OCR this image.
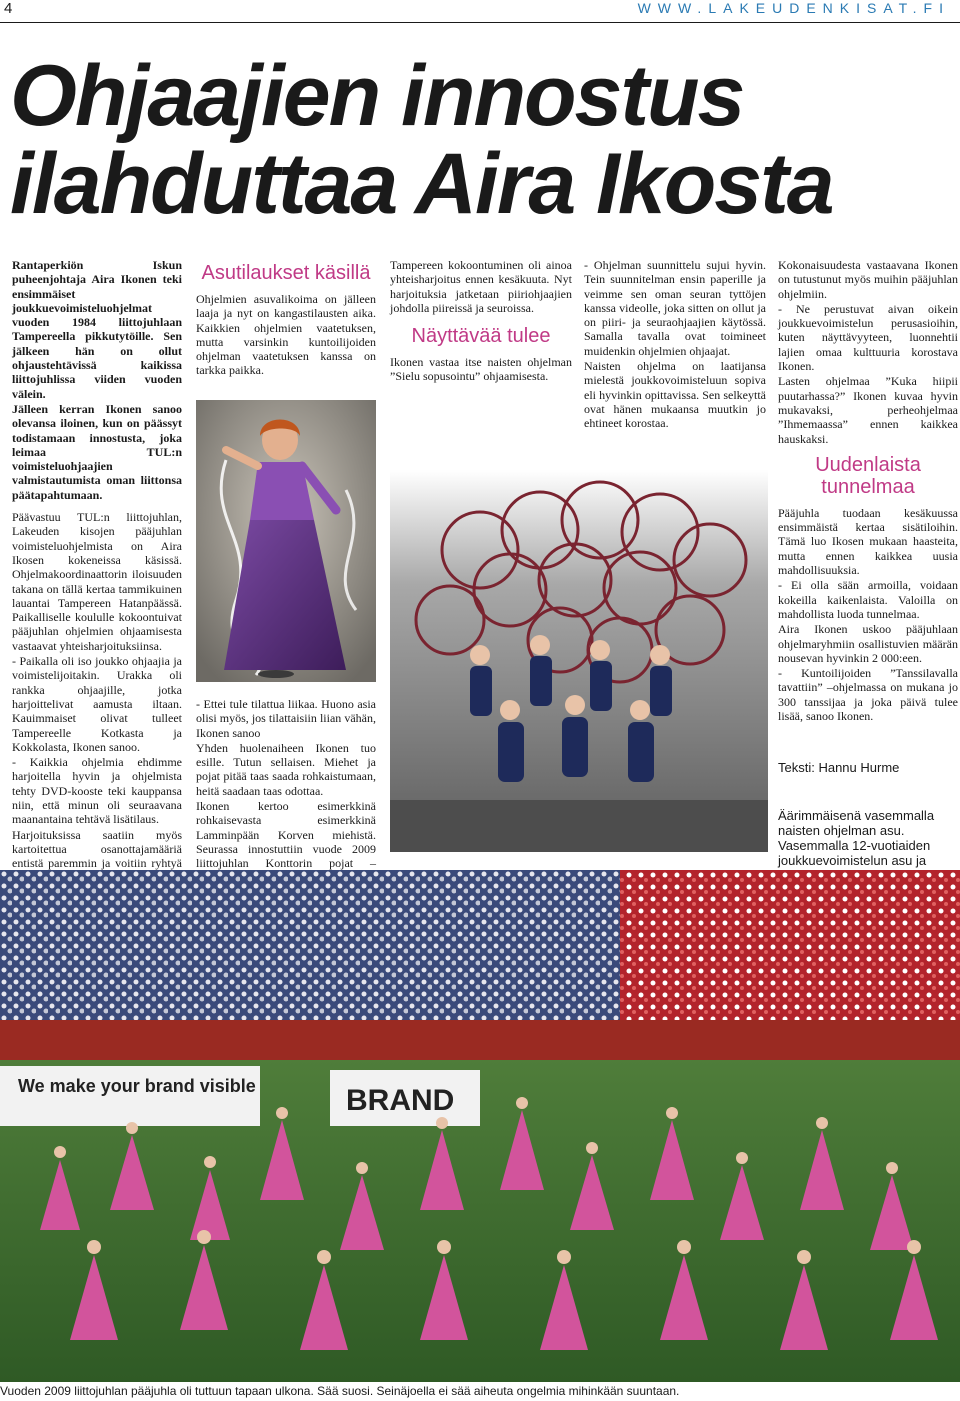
4	WWW.LAKEUDENKISAT.FI
Ohjaajien innostus ilahduttaa Aira Ikosta

Rantaperkiön Iskun puheenjohtaja Aira Ikonen teki ensimmäiset joukkuevoimisteluohjelmat vuoden 1984 liittojuhlaan Tampereella pikkutytöille. Sen jälkeen hän on ollut ohjaustehtävissä kaikissa liittojuhlissa viiden vuoden välein.

Jälleen kerran Ikonen sanoo olevansa iloinen, kun on päässyt todistamaan innostusta, joka leimaa TUL:n voimisteluohjaajien valmistautumista oman liittonsa päätapahtumaan.

Päävastuu TUL:n liittojuhlan, Lakeuden kisojen pääjuhlan voimisteluohjelmista on Aira Ikosen kokeneissa käsissä. Ohjelmakoordinaattorin iloisuuden takana on tällä kertaa tammikuinen lauantai Tampereen Hatanpäässä. Paikalliselle koululle kokoontuivat pääjuhlan ohjelmien ohjaamisesta vastaavat yhteisharjoituksiinsa.

- Paikalla oli iso joukko ohjaajia ja voimistelijoitakin. Urakka oli rankka ohjaajille, jotka harjoittelivat aamusta iltaan. Kauimmaiset olivat tulleet Tampereelle Kotkasta ja Kokkolasta, Ikonen sanoo.

- Kaikkia ohjelmia ehdimme harjoitella hyvin ja ohjelmista tehty DVD-kooste teki kauppansa niin, että minun oli seuraavana maanantaina tehtävä lisätilaus.

Harjoituksissa saatiin myös kartoitettua osanottajamääriä entistä paremmin ja voitiin ryhtyä

Asutilaukset käsillä

Ohjelmien asuvalikoima on jälleen laaja ja nyt on kangastilausten aika. Kaikkien ohjelmien vaatetuksen, mutta varsinkin kuntoilijoiden ohjelman vaatetuksen kanssa on tarkka paikka.

- Ettei tule tilattua liikaa. Huono asia olisi myös, jos tilattaisiin liian vähän, Ikonen sanoo

Yhden huolenaiheen Ikonen tuo esille. Tutun sellaisen. Miehet ja pojat pitää taas saada rohkaistumaan, heitä saadaan taas odottaa.

Ikonen kertoo esimerkkinä rohkaisevasta esimerkkinä Lamminpään Korven miehistä. Seurassa innostuttiin vuode 2009 liittojuhlan Konttorin pojat –

Tampereen kokoontuminen oli ainoa yhteisharjoitus ennen kesäkuuta. Nyt harjoituksia jatketaan piiriohjaajien johdolla piireissä ja seuroissa.

Näyttävää tulee

Ikonen vastaa itse naisten ohjelman ”Sielu sopusointu” ohjaamisesta.

- Ohjelman suunnittelu sujui hyvin. Tein suunnitelman ensin paperille ja veimme sen oman seuran tyttöjen kanssa videolle, joka sitten on ollut ja on piiri- ja seuraohjaajien käytössä. Samalla tavalla ovat toimineet muidenkin ohjelmien ohjaajat.

Naisten ohjelma on laatijansa mielestä joukkovoimisteluun sopiva eli hyvinkin opittavissa. Sen selkeyttä ovat hänen mukaansa muutkin jo ehtineet korostaa.

Kokonaisuudesta vastaavana Ikonen on tutustunut myös muihin pääjuhlan ohjelmiin.

- Ne perustuvat aivan oikein joukkuevoimistelun perusasioihin, kuten näyttävyyteen, luonnehtii lajien omaa kulttuuria korostava Ikonen.

Lasten ohjelmaa ”Kuka hiipii puutarhassa?” Ikonen kuvaa hyvin mukavaksi, perheohjelmaa ”Ihmemaassa” ennen kaikkea hauskaksi.

Uudenlaista tunnelmaa

Pääjuhla tuodaan kesäkuussa ensimmäistä kertaa sisätiloihin. Tämä luo Ikosen mukaan haasteita, mutta ennen kaikkea uusia mahdollisuuksia.

- Ei olla sään armoilla, voidaan kokeilla kaikenlaista. Valoilla on mahdollista luoda tunnelmaa.

Aira Ikonen uskoo pääjuhlaan ohjelmaryhmiin osallistuvien määrän nousevan hyvinkin 2 000:een.

- Kuntoilijoiden ”Tanssilavalla tavattiin” –ohjelmassa on mukana jo 300 tanssijaa ja joka päivä tulee lisää, sanoo Ikonen.

Teksti: Hannu Hurme
Äärimmäisenä vasemmalla naisten ohjelman asu. Vasemmalla 12-vuotiaiden joukkuevoimistelun asu ja
We make your brand visible	BRAND
Vuoden 2009 liittojuhlan pääjuhla oli tuttuun tapaan ulkona. Sää suosi. Seinäjoella ei sää aiheuta ongelmia mihinkään suuntaan.
